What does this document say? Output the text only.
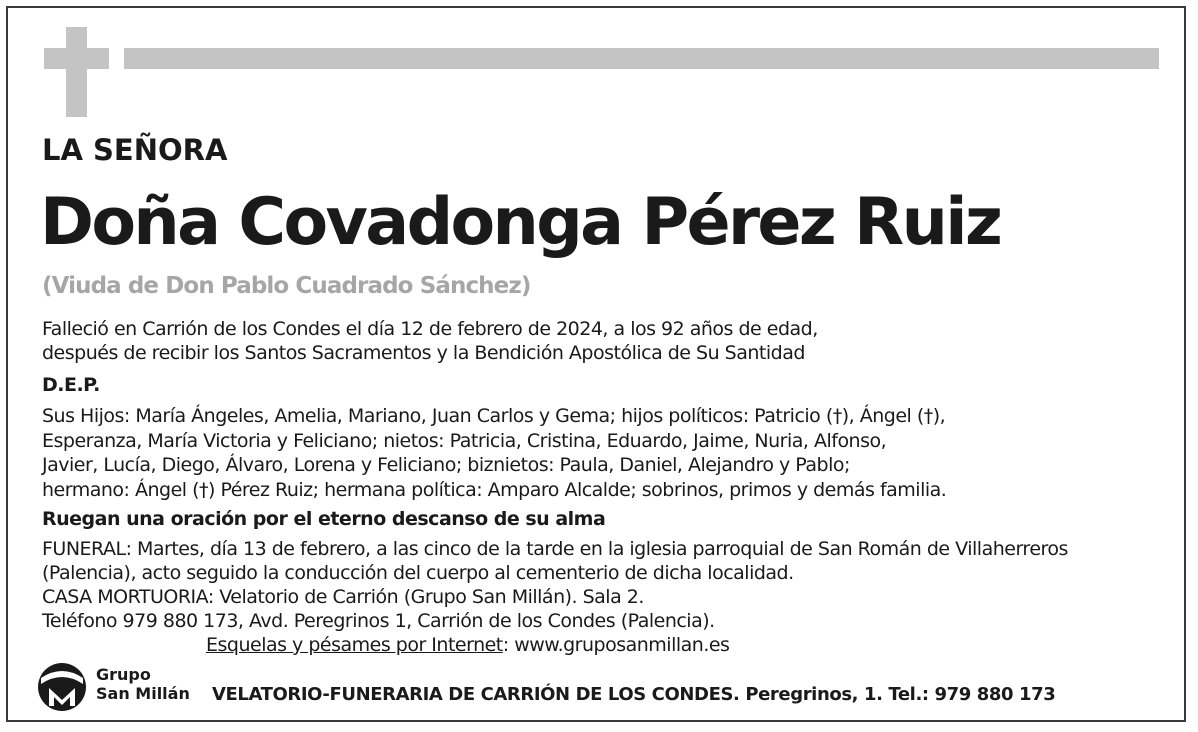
LA SEÑORA
Doña Covadonga Pérez Ruiz
(Viuda de Don Pablo Cuadrado Sánchez)
Falleció en Carrión de los Condes el día 12 de febrero de 2024, a los 92 años de edad,
después de recibir los Santos Sacramentos y la Bendición Apostólica de Su Santidad
D.E.P.
Sus Hijos: María Ángeles, Amelia, Mariano, Juan Carlos y Gema; hijos políticos: Patricio (†), Ángel (†),
Esperanza, María Victoria y Feliciano; nietos: Patricia, Cristina, Eduardo, Jaime, Nuria, Alfonso,
Javier, Lucía, Diego, Álvaro, Lorena y Feliciano; biznietos: Paula, Daniel, Alejandro y Pablo;
hermano: Ángel (†) Pérez Ruiz; hermana política: Amparo Alcalde; sobrinos, primos y demás familia.
Ruegan una oración por el eterno descanso de su alma
FUNERAL: Martes, día 13 de febrero, a las cinco de la tarde en la iglesia parroquial de San Román de Villaherreros
(Palencia), acto seguido la conducción del cuerpo al cementerio de dicha localidad.
CASA MORTUORIA: Velatorio de Carrión (Grupo San Millán). Sala 2.
Teléfono 979 880 173, Avd. Peregrinos 1, Carrión de los Condes (Palencia).
Esquelas y pésames por Internet: www.gruposanmillan.es
Grupo
San Millán VELATORIO-FUNERARIA DE CARRIÓN DE LOS CONDES. Peregrinos, 1. Tel.: 979 880 173
